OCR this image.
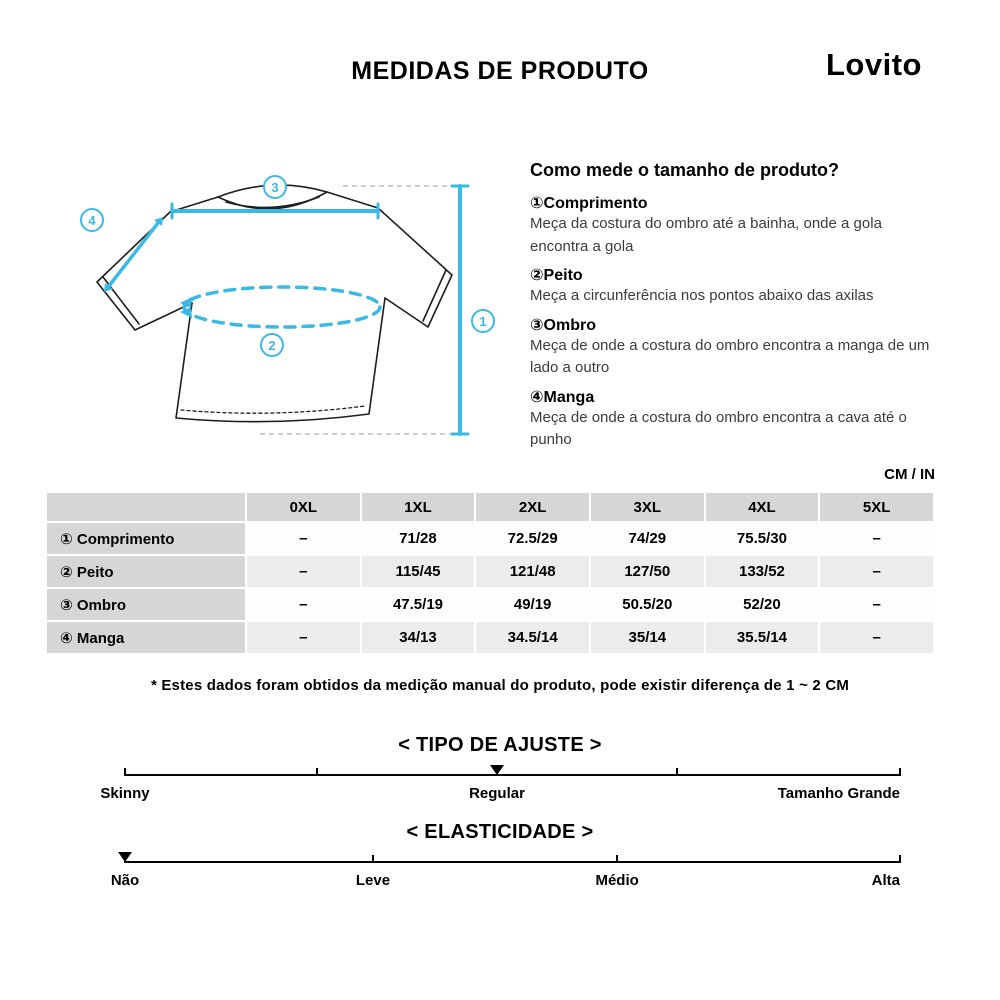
MEDIDAS DE PRODUTO	Lovito
1
2
3
4
Como mede o tamanho de produto?
①Comprimento
Meça da costura do ombro até a bainha, onde a gola encontra a gola
②Peito
Meça a circunferência nos pontos abaixo das axilas
③Ombro
Meça de onde a costura do ombro encontra a manga de um lado a outro
④Manga
Meça de onde a costura do ombro encontra a cava até o punho
CM / IN
	0XL	1XL	2XL	3XL	4XL	5XL
① Comprimento	–	71/28	72.5/29	74/29	75.5/30	–
② Peito	–	115/45	121/48	127/50	133/52	–
③ Ombro	–	47.5/19	49/19	50.5/20	52/20	–
④ Manga	–	34/13	34.5/14	35/14	35.5/14	–
* Estes dados foram obtidos da medição manual do produto, pode existir diferença de 1 ~ 2 CM
< TIPO DE AJUSTE >
Skinny	Regular	Tamanho Grande
< ELASTICIDADE >
Não	Leve	Médio	Alta
